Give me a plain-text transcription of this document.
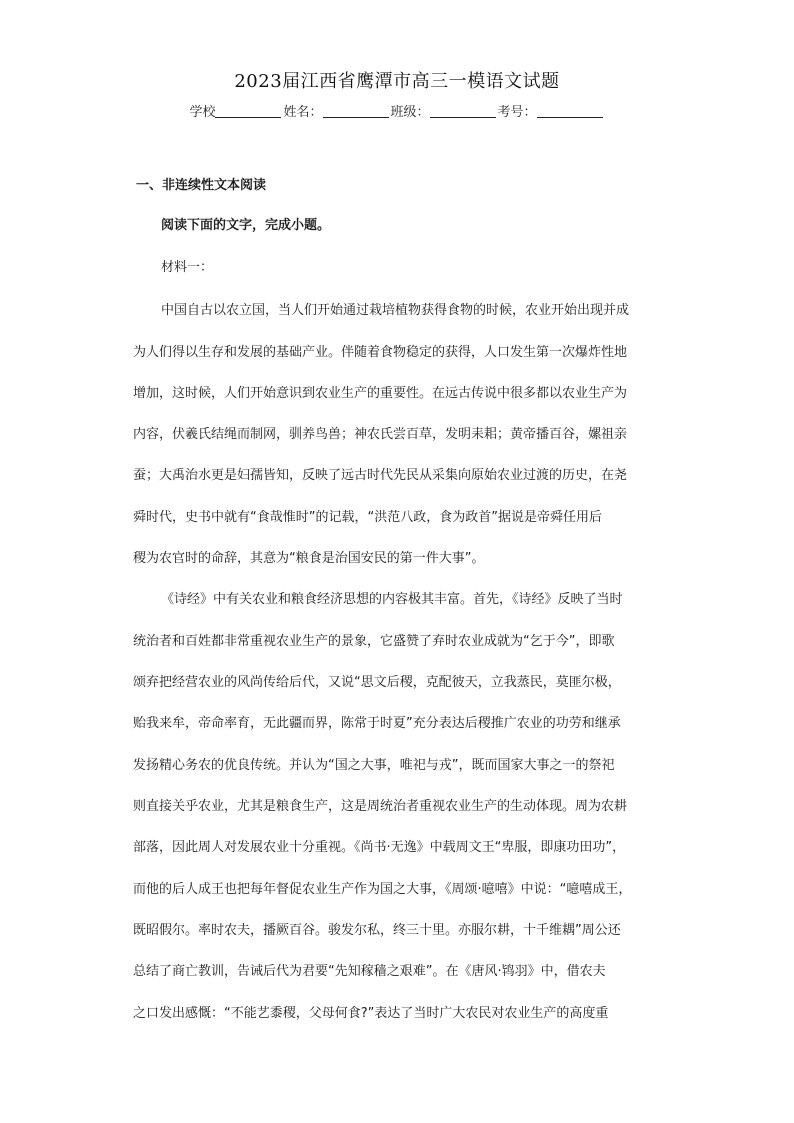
2023届江西省鹰潭市高三一模语文试题
学校	姓名：	班级：	考号：
一、非连续性文本阅读
阅读下面的文字，完成小题。
材料一：
中国自古以农立国，当人们开始通过栽培植物获得食物的时候，农业开始出现并成
为人们得以生存和发展的基础产业。伴随着食物稳定的获得，人口发生第一次爆炸性地
增加，这时候，人们开始意识到农业生产的重要性。在远古传说中很多都以农业生产为
内容，伏羲氏结绳而制网，驯养鸟兽；神农氏尝百草，发明耒耜；黄帝播百谷，嫘祖亲
蚕；大禹治水更是妇孺皆知，反映了远古时代先民从采集向原始农业过渡的历史，在尧
舜时代，史书中就有“食哉惟时”的记载，“洪范八政，食为政首”据说是帝舜任用后
稷为农官时的命辞，其意为“粮食是治国安民的第一件大事”。
《诗经》中有关农业和粮食经济思想的内容极其丰富。首先，《诗经》反映了当时
统治者和百姓都非常重视农业生产的景象，它盛赞了弃时农业成就为“乞于今”，即歌
颂弃把经营农业的风尚传给后代，又说“思文后稷，克配彼天，立我蒸民，莫匪尔极，
贻我来牟，帝命率育，无此疆而界，陈常于时夏”充分表达后稷推广农业的功劳和继承
发扬精心务农的优良传统。并认为“国之大事，唯祀与戎”，既而国家大事之一的祭祀
则直接关乎农业，尤其是粮食生产，这是周统治者重视农业生产的生动体现。周为农耕
部落，因此周人对发展农业十分重视。《尚书·无逸》中载周文王“卑服，即康功田功”，
而他的后人成王也把每年督促农业生产作为国之大事，《周颂·噫嘻》中说：“噫嘻成王，
既昭假尔。率时农夫，播厥百谷。骏发尔私，终三十里。亦服尔耕，十千维耦”周公还
总结了商亡教训，告诫后代为君要“先知稼穑之艰难”。在《唐风·鸨羽》中，借农夫
之口发出感慨：“不能艺黍稷，父母何食?”表达了当时广大农民对农业生产的高度重
